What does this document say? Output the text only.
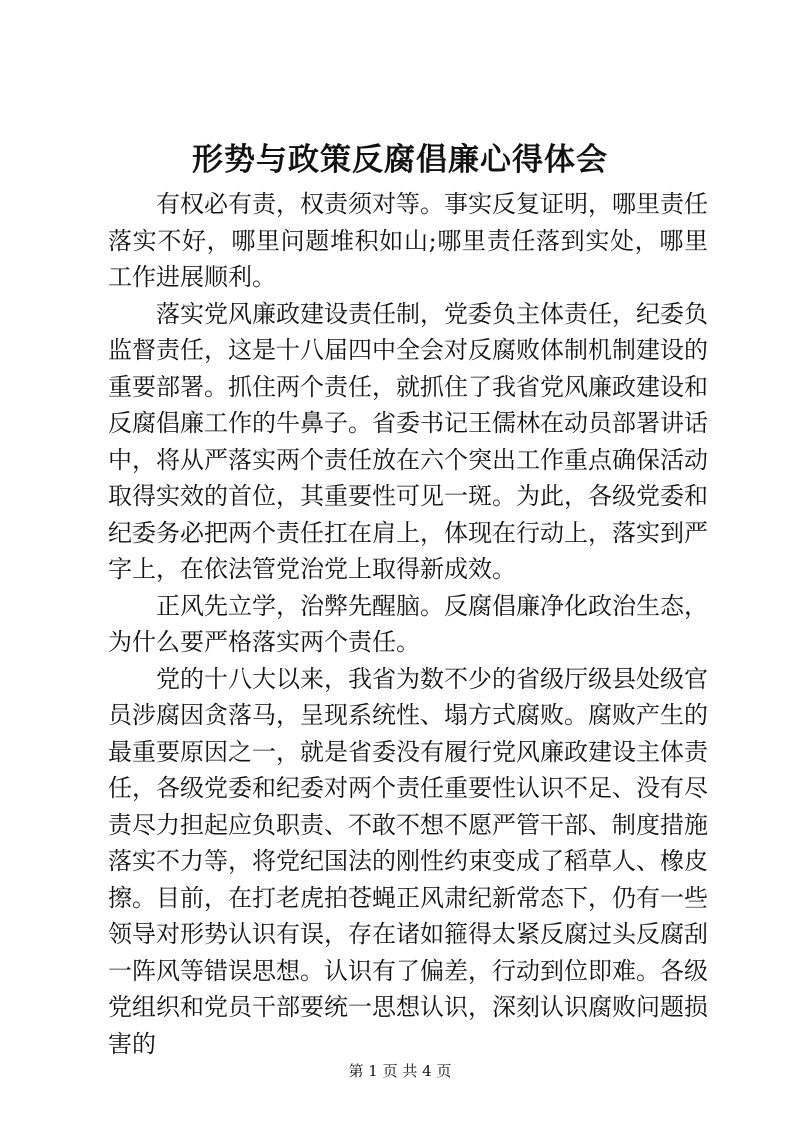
形势与政策反腐倡廉心得体会

有权必有责，权责须对等。事实反复证明，哪里责任落实不好，哪里问题堆积如山;哪里责任落到实处，哪里工作进展顺利。

落实党风廉政建设责任制，党委负主体责任，纪委负监督责任，这是十八届四中全会对反腐败体制机制建设的重要部署。抓住两个责任，就抓住了我省党风廉政建设和反腐倡廉工作的牛鼻子。省委书记王儒林在动员部署讲话中，将从严落实两个责任放在六个突出工作重点确保活动取得实效的首位，其重要性可见一斑。为此，各级党委和纪委务必把两个责任扛在肩上，体现在行动上，落实到严字上，在依法管党治党上取得新成效。

正风先立学，治弊先醒脑。反腐倡廉净化政治生态，为什么要严格落实两个责任。

党的十八大以来，我省为数不少的省级厅级县处级官员涉腐因贪落马，呈现系统性、塌方式腐败。腐败产生的最重要原因之一，就是省委没有履行党风廉政建设主体责任，各级党委和纪委对两个责任重要性认识不足、没有尽责尽力担起应负职责、不敢不想不愿严管干部、制度措施落实不力等，将党纪国法的刚性约束变成了稻草人、橡皮擦。目前，在打老虎拍苍蝇正风肃纪新常态下，仍有一些领导对形势认识有误，存在诸如箍得太紧反腐过头反腐刮一阵风等错误思想。认识有了偏差，行动到位即难。各级党组织和党员干部要统一思想认识，深刻认识腐败问题损害的

第 1 页 共 4 页
